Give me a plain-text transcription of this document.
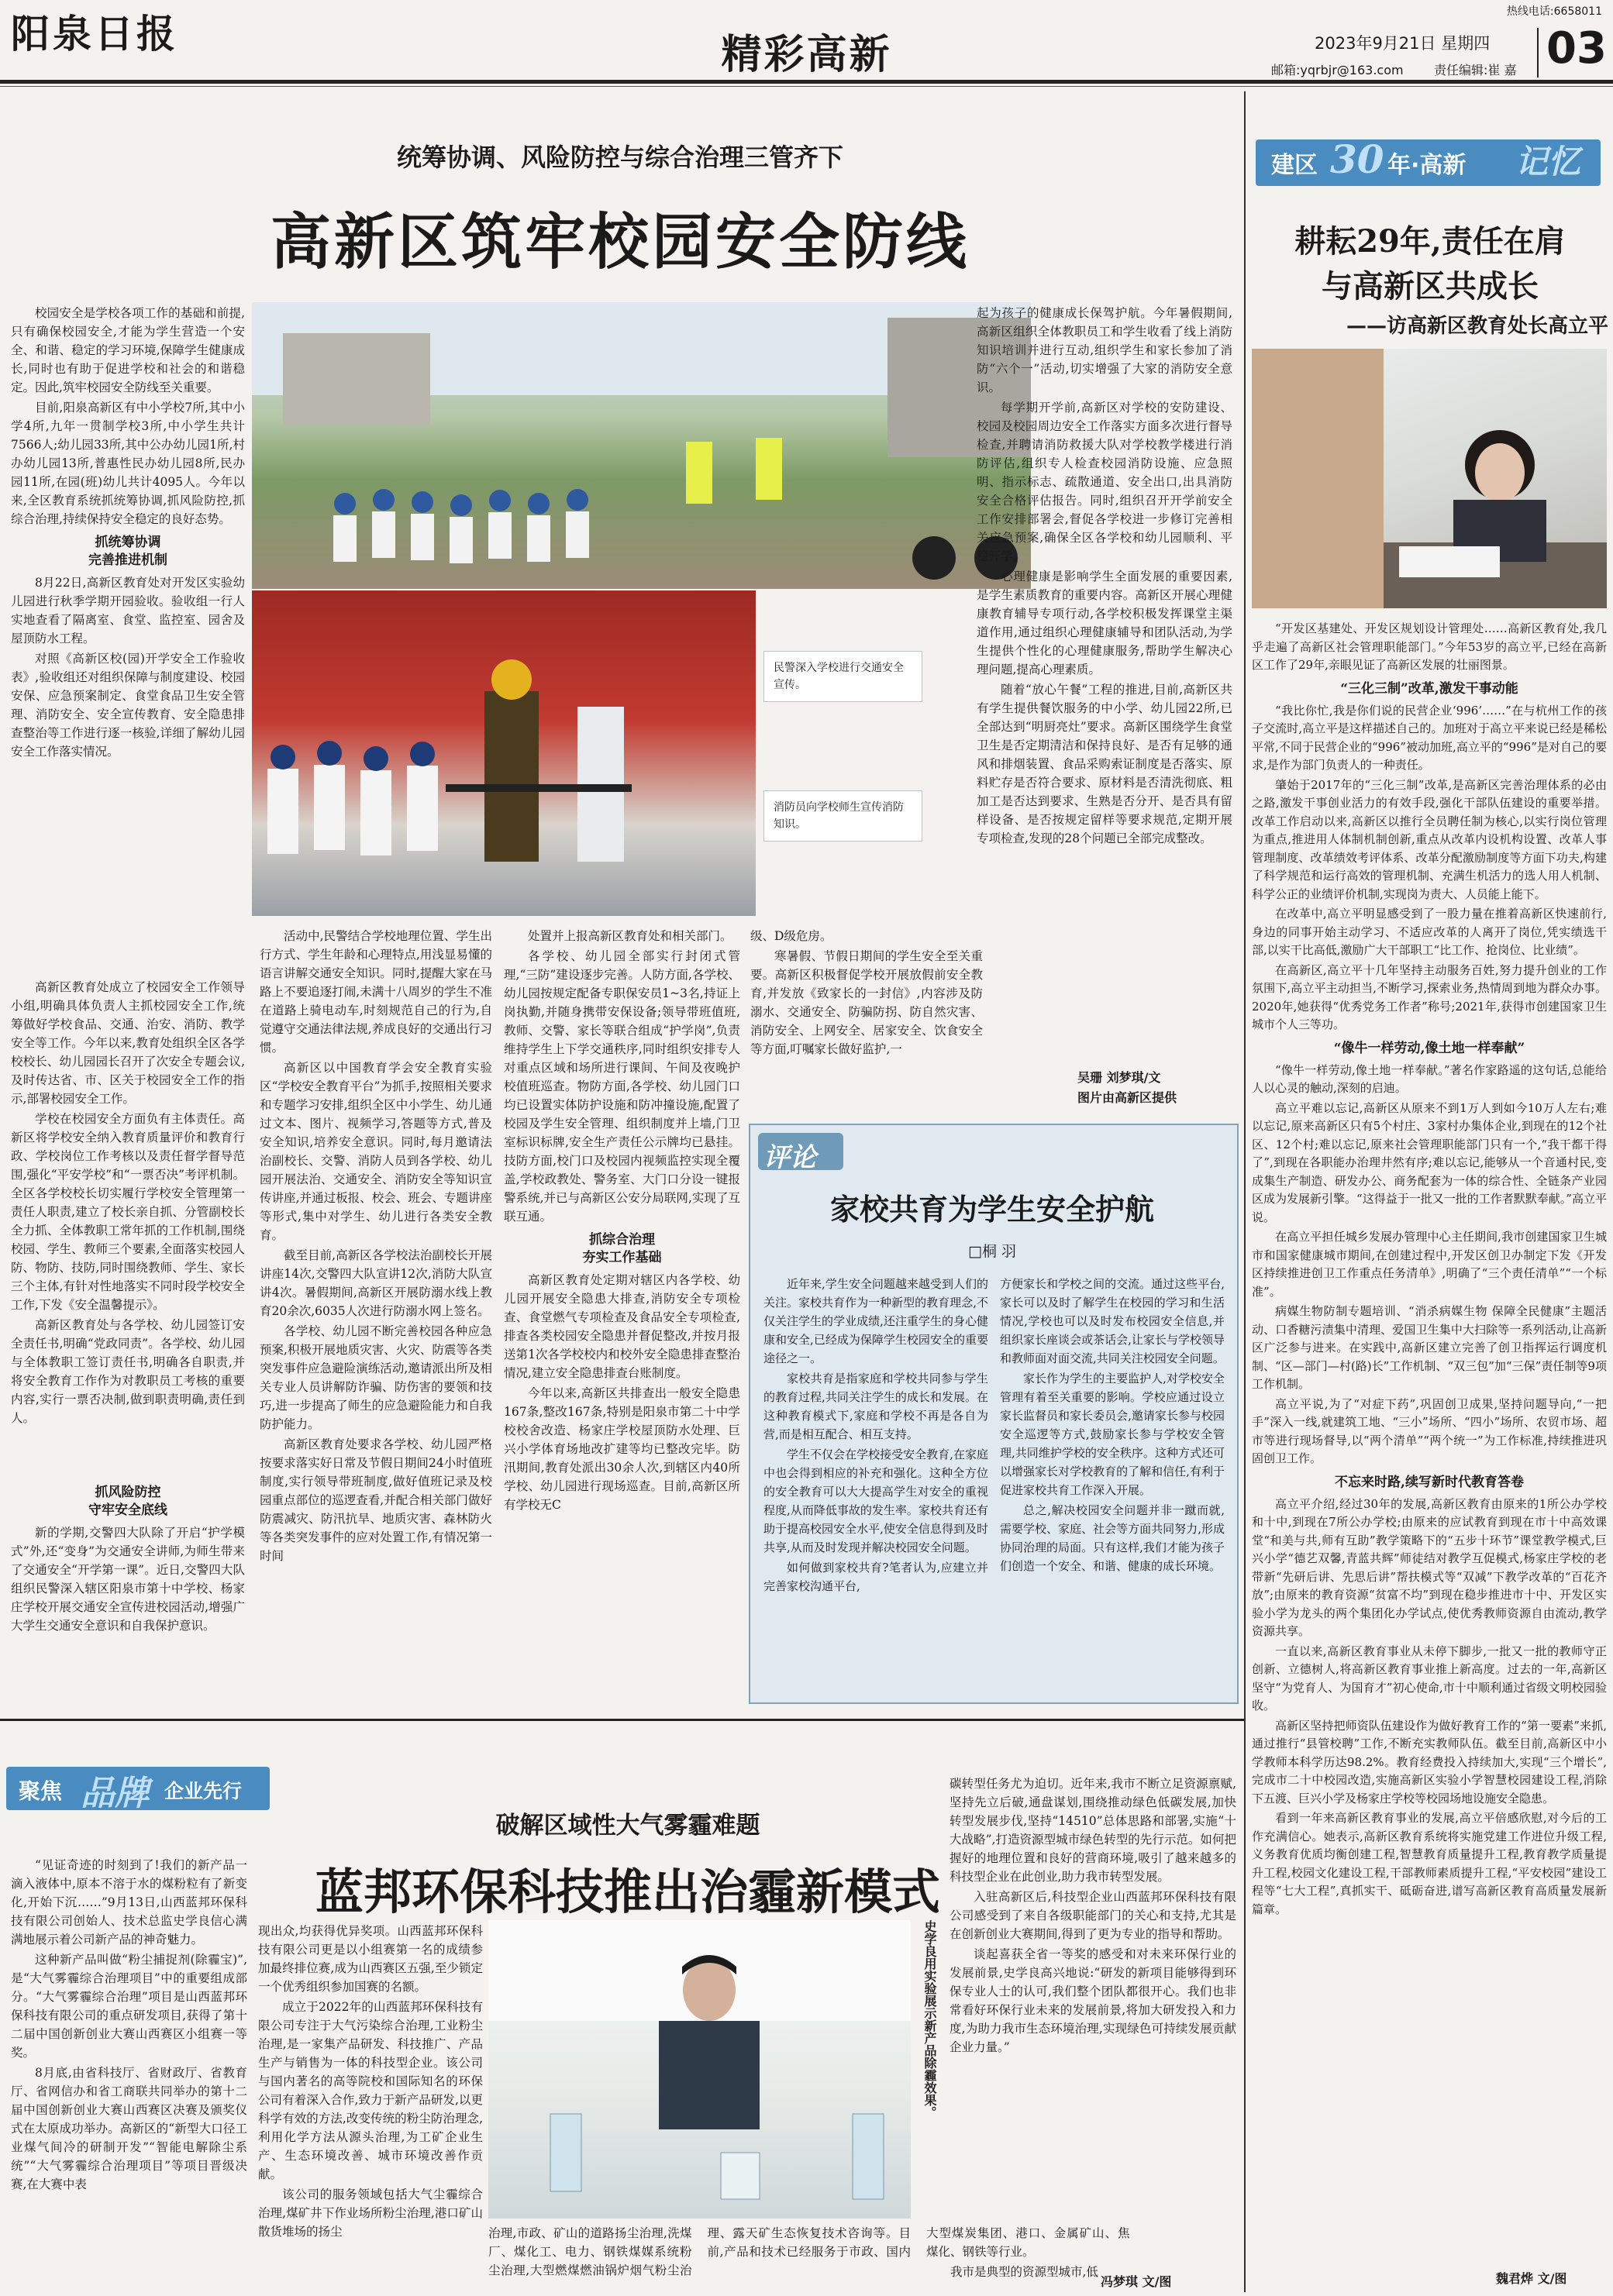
阳泉日报	热线电话:6658011
精彩高新	2023年9月21日 星期四 03
邮箱:yqrbjr@163.com 责任编辑:崔 嘉
统筹协调、风险防控与综合治理三管齐下
高新区筑牢校园安全防线

校园安全是学校各项工作的基础和前提,只有确保校园安全,才能为学生营造一个安全、和谐、稳定的学习环境,保障学生健康成长,同时也有助于促进学校和社会的和谐稳定。因此,筑牢校园安全防线至关重要。

目前,阳泉高新区有中小学校7所,其中小学4所,九年一贯制学校3所,中小学生共计7566人;幼儿园33所,其中公办幼儿园1所,村办幼儿园13所,普惠性民办幼儿园8所,民办园11所,在园(班)幼儿共计4095人。今年以来,全区教育系统抓统筹协调,抓风险防控,抓综合治理,持续保持安全稳定的良好态势。

抓统筹协调
完善推进机制

8月22日,高新区教育处对开发区实验幼儿园进行秋季学期开园验收。验收组一行人实地查看了隔离室、食堂、监控室、园舍及屋顶防水工程。

对照《高新区校(园)开学安全工作验收表》,验收组还对组织保障与制度建设、校园安保、应急预案制定、食堂食品卫生安全管理、消防安全、安全宣传教育、安全隐患排查整治等工作进行逐一核验,详细了解幼儿园安全工作落实情况。

民警深入学校进行交通安全宣传。
消防员向学校师生宣传消防知识。

高新区教育处成立了校园安全工作领导小组,明确具体负责人主抓校园安全工作,统筹做好学校食品、交通、治安、消防、教学安全等工作。今年以来,教育处组织全区各学校校长、幼儿园园长召开了次安全专题会议,及时传达省、市、区关于校园安全工作的指示,部署校园安全工作。

学校在校园安全方面负有主体责任。高新区将学校安全纳入教育质量评价和教育行政、学校岗位工作考核以及责任督学督导范围,强化“平安学校”和“一票否决”考评机制。全区各学校校长切实履行学校安全管理第一责任人职责,建立了校长亲自抓、分管副校长全力抓、全体教职工常年抓的工作机制,围绕校园、学生、教师三个要素,全面落实校园人防、物防、技防,同时围绕教师、学生、家长三个主体,有针对性地落实不同时段学校安全工作,下发《安全温馨提示》。

高新区教育处与各学校、幼儿园签订安全责任书,明确“党政同责”。各学校、幼儿园与全体教职工签订责任书,明确各自职责,并将安全教育工作作为对教职员工考核的重要内容,实行一票否决制,做到职责明确,责任到人。

抓风险防控
守牢安全底线

新的学期,交警四大队除了开启“护学模式”外,还“变身”为交通安全讲师,为师生带来了交通安全“开学第一课”。近日,交警四大队组织民警深入辖区阳泉市第十中学校、杨家庄学校开展交通安全宣传进校园活动,增强广大学生交通安全意识和自我保护意识。

活动中,民警结合学校地理位置、学生出行方式、学生年龄和心理特点,用浅显易懂的语言讲解交通安全知识。同时,提醒大家在马路上不要追逐打闹,未满十八周岁的学生不准在道路上骑电动车,时刻规范自己的行为,自觉遵守交通法律法规,养成良好的交通出行习惯。

高新区以中国教育学会安全教育实验区“学校安全教育平台”为抓手,按照相关要求和专题学习安排,组织全区中小学生、幼儿通过文本、图片、视频学习,答题等方式,普及安全知识,培养安全意识。同时,每月邀请法治副校长、交警、消防人员到各学校、幼儿园开展法治、交通安全、消防安全等知识宣传讲座,并通过板报、校会、班会、专题讲座等形式,集中对学生、幼儿进行各类安全教育。

截至目前,高新区各学校法治副校长开展讲座14次,交警四大队宣讲12次,消防大队宣讲4次。暑假期间,高新区开展防溺水线上教育20余次,6035人次进行防溺水网上签名。

各学校、幼儿园不断完善校园各种应急预案,积极开展地质灾害、火灾、防震等各类突发事件应急避险演练活动,邀请派出所及相关专业人员讲解防诈骗、防伤害的要领和技巧,进一步提高了师生的应急避险能力和自我防护能力。

高新区教育处要求各学校、幼儿园严格按要求落实好日常及节假日期间24小时值班制度,实行领导带班制度,做好值班记录及校园重点部位的巡逻查看,并配合相关部门做好防震减灾、防汛抗旱、地质灾害、森林防火等各类突发事件的应对处置工作,有情况第一时间

处置并上报高新区教育处和相关部门。

各学校、幼儿园全部实行封闭式管理,“三防”建设逐步完善。人防方面,各学校、幼儿园按规定配备专职保安员1~3名,持证上岗执勤,并随身携带安保设备;领导带班值班,教师、交警、家长等联合组成“护学岗”,负责维持学生上下学交通秩序,同时组织安排专人对重点区域和场所进行课间、午间及夜晚护校值班巡查。物防方面,各学校、幼儿园门口均已设置实体防护设施和防冲撞设施,配置了校园及学生安全管理、组织制度并上墙,门卫室标识标牌,安全生产责任公示牌均已悬挂。技防方面,校门口及校园内视频监控实现全覆盖,学校政教处、警务室、大门口分设一键报警系统,并已与高新区公安分局联网,实现了互联互通。

抓综合治理
夯实工作基础

高新区教育处定期对辖区内各学校、幼儿园开展安全隐患大排查,消防安全专项检查、食堂燃气专项检查及食品安全专项检查,排查各类校园安全隐患并督促整改,并按月报送第1次各学校校内和校外安全隐患排查整治情况,建立安全隐患排查台账制度。

今年以来,高新区共排查出一般安全隐患167条,整改167条,特别是阳泉市第二十中学校校舍改造、杨家庄学校屋顶防水处理、巨兴小学体育场地改扩建等均已整改完毕。防汛期间,教育处派出30余人次,到辖区内40所学校、幼儿园进行现场巡查。目前,高新区所有学校无C

级、D级危房。

寒暑假、节假日期间的学生安全至关重要。高新区积极督促学校开展放假前安全教育,并发放《致家长的一封信》,内容涉及防溺水、交通安全、防骗防拐、防自然灾害、消防安全、上网安全、居家安全、饮食安全等方面,叮嘱家长做好监护,一

起为孩子的健康成长保驾护航。今年暑假期间,高新区组织全体教职员工和学生收看了线上消防知识培训并进行互动,组织学生和家长参加了消防“六个一”活动,切实增强了大家的消防安全意识。

每学期开学前,高新区对学校的安防建设、校园及校园周边安全工作落实方面多次进行督导检查,并聘请消防救援大队对学校教学楼进行消防评估,组织专人检查校园消防设施、应急照明、指示标志、疏散通道、安全出口,出具消防安全合格评估报告。同时,组织召开开学前安全工作安排部署会,督促各学校进一步修订完善相关应急预案,确保全区各学校和幼儿园顺利、平稳开学。

心理健康是影响学生全面发展的重要因素,是学生素质教育的重要内容。高新区开展心理健康教育辅导专项行动,各学校积极发挥课堂主渠道作用,通过组织心理健康辅导和团队活动,为学生提供个性化的心理健康服务,帮助学生解决心理问题,提高心理素质。

随着“放心午餐”工程的推进,目前,高新区共有学生提供餐饮服务的中小学、幼儿园22所,已全部达到“明厨亮灶”要求。高新区围绕学生食堂卫生是否定期清洁和保持良好、是否有足够的通风和排烟装置、食品采购索证制度是否落实、原料贮存是否符合要求、原材料是否清洗彻底、粗加工是否达到要求、生熟是否分开、是否具有留样设备、是否按规定留样等要求规范,定期开展专项检查,发现的28个问题已全部完成整改。

吴珊 刘梦琪/文
图片由高新区提供
评论
家校共育为学生安全护航
□桐 羽

近年来,学生安全问题越来越受到人们的关注。家校共育作为一种新型的教育理念,不仅关注学生的学业成绩,还注重学生的身心健康和安全,已经成为保障学生校园安全的重要途径之一。

家校共育是指家庭和学校共同参与学生的教育过程,共同关注学生的成长和发展。在这种教育模式下,家庭和学校不再是各自为营,而是相互配合、相互支持。

学生不仅会在学校接受安全教育,在家庭中也会得到相应的补充和强化。这种全方位的安全教育可以大大提高学生对安全的重视程度,从而降低事故的发生率。家校共育还有助于提高校园安全水平,使安全信息得到及时共享,从而及时发现并解决校园安全问题。

如何做到家校共育?笔者认为,应建立并完善家校沟通平台,

方便家长和学校之间的交流。通过这些平台,家长可以及时了解学生在校园的学习和生活情况,学校也可以及时发布校园安全信息,并组织家长座谈会或茶话会,让家长与学校领导和教师面对面交流,共同关注校园安全问题。

家长作为学生的主要监护人,对学校安全管理有着至关重要的影响。学校应通过设立家长监督员和家长委员会,邀请家长参与校园安全巡逻等方式,鼓励家长参与学校安全管理,共同维护学校的安全秩序。这种方式还可以增强家长对学校教育的了解和信任,有利于促进家校共育工作深入开展。

总之,解决校园安全问题并非一蹴而就,需要学校、家庭、社会等方面共同努力,形成协同治理的局面。只有这样,我们才能为孩子们创造一个安全、和谐、健康的成长环境。

建区 30 年·高新 记忆
耕耘29年,责任在肩
与高新区共成长
——访高新区教育处长高立平

“开发区基建处、开发区规划设计管理处……高新区教育处,我几乎走遍了高新区社会管理职能部门。”今年53岁的高立平,已经在高新区工作了29年,亲眼见证了高新区发展的壮丽图景。

“三化三制”改革,激发干事动能

“我比你忙,我是你们说的民营企业‘996’……”在与杭州工作的孩子交流时,高立平是这样描述自己的。加班对于高立平来说已经是稀松平常,不同于民营企业的“996”被动加班,高立平的“996”是对自己的要求,是作为部门负责人的一种责任。

肇始于2017年的“三化三制”改革,是高新区完善治理体系的必由之路,激发干事创业活力的有效手段,强化干部队伍建设的重要举措。改革工作启动以来,高新区以推行全员聘任制为核心,以实行岗位管理为重点,推进用人体制机制创新,重点从改革内设机构设置、改革人事管理制度、改革绩效考评体系、改革分配激励制度等方面下功夫,构建了科学规范和运行高效的管理机制、充满生机活力的选人用人机制、科学公正的业绩评价机制,实现岗为责大、人员能上能下。

在改革中,高立平明显感受到了一股力量在推着高新区快速前行,身边的同事开始主动学习、不适应改革的人离开了岗位,凭实绩选干部,以实干比高低,激励广大干部职工“比工作、抢岗位、比业绩”。

在高新区,高立平十几年坚持主动服务百姓,努力提升创业的工作氛围下,高立平主动担当,不断学习,探索业务,热情周到地为群众办事。2020年,她获得“优秀党务工作者”称号;2021年,获得市创建国家卫生城市个人三等功。

“像牛一样劳动,像土地一样奉献”

“像牛一样劳动,像土地一样奉献。”著名作家路遥的这句话,总能给人以心灵的触动,深刻的启迪。

高立平难以忘记,高新区从原来不到1万人到如今10万人左右;难以忘记,原来高新区只有5个村庄、3家村办集体企业,到现在的12个社区、12个村;难以忘记,原来社会管理职能部门只有一个,“我干都干得了”,到现在各职能办治理井然有序;难以忘记,能够从一个音通村民,变成集生产制造、研发办公、商务配套为一体的综合性、全链条产业园区成为发展新引擎。“这得益于一批又一批的工作者默默奉献。”高立平说。

在高立平担任城乡发展办管理中心主任期间,我市创建国家卫生城市和国家健康城市期间,在创建过程中,开发区创卫办制定下发《开发区持续推进创卫工作重点任务清单》,明确了“三个责任清单”“一个标准”。

病媒生物防制专题培训、“消杀病媒生物 保障全民健康”主题活动、口香糖污渍集中清理、爱国卫生集中大扫除等一系列活动,让高新区广泛参与进来。在实践中,高新区建立完善了创卫指挥运行调度机制、“区—部门—村(路)长”工作机制、“双三包”加“三保”责任制等9项工作机制。

高立平说,为了“对症下药”,巩固创卫成果,坚持问题导向,“一把手”深入一线,就建筑工地、“三小”场所、“四小”场所、农贸市场、超市等进行现场督导,以“两个清单”“两个统一”为工作标准,持续推进巩固创卫工作。

不忘来时路,续写新时代教育答卷

高立平介绍,经过30年的发展,高新区教育由原来的1所公办学校和十中,到现在7所公办学校;由原来的应试教育到现在市十中高效课堂“和美与共,师有互助”教学策略下的“五步十环节”课堂教学模式,巨兴小学“德艺双馨,青蓝共辉”师徒结对教学互促模式,杨家庄学校的老带新“先研后讲、先思后讲”帮扶模式等“双减”下教学改革的“百花齐放”;由原来的教育资源“贫富不均”到现在稳步推进市十中、开发区实验小学为龙头的两个集团化办学试点,使优秀教师资源自由流动,教学资源共享。

一直以来,高新区教育事业从未停下脚步,一批又一批的教师守正创新、立德树人,将高新区教育事业推上新高度。过去的一年,高新区坚守“为党育人、为国育才”初心使命,市十中顺利通过省级文明校园验收。

高新区坚持把师资队伍建设作为做好教育工作的“第一要素”来抓,通过推行“县管校聘”工作,不断充实教师队伍。截至目前,高新区中小学教师本科学历达98.2%。教育经费投入持续加大,实现“三个增长”,完成市二十中校园改造,实施高新区实验小学智慧校园建设工程,消除下五渡、巨兴小学及杨家庄学校等校园场地设施安全隐患。

看到一年来高新区教育事业的发展,高立平倍感欣慰,对今后的工作充满信心。她表示,高新区教育系统将实施党建工作进位升级工程,义务教育优质均衡创建工程,智慧教育质量提升工程,教育教学质量提升工程,校园文化建设工程,干部教师素质提升工程,“平安校园”建设工程等“七大工程”,真抓实干、砥砺奋进,谱写高新区教育高质量发展新篇章。

魏君烨 文/图
聚焦 品牌 企业先行
破解区域性大气雾霾难题
蓝邦环保科技推出治霾新模式

“见证奇迹的时刻到了!我们的新产品一滴入液体中,原本不溶于水的煤粉粒有了新变化,开始下沉……”9月13日,山西蓝邦环保科技有限公司创始人、技术总监史学良信心满满地展示着公司新产品的神奇魅力。

这种新产品叫做“粉尘捕捉剂(除霾宝)”,是“大气雾霾综合治理项目”中的重要组成部分。“大气雾霾综合治理”项目是山西蓝邦环保科技有限公司的重点研发项目,获得了第十二届中国创新创业大赛山西赛区小组赛一等奖。

8月底,由省科技厅、省财政厅、省教育厅、省网信办和省工商联共同举办的第十二届中国创新创业大赛山西赛区决赛及颁奖仪式在太原成功举办。高新区的“新型大口径工业煤气间冷的研制开发”“智能电解除尘系统”“大气雾霾综合治理项目”等项目晋级决赛,在大赛中表

现出众,均获得优异奖项。山西蓝邦环保科技有限公司更是以小组赛第一名的成绩参加最终排位赛,成为山西赛区五强,至少锁定一个优秀组织参加国赛的名额。

成立于2022年的山西蓝邦环保科技有限公司专注于大气污染综合治理,工业粉尘治理,是一家集产品研发、科技推广、产品生产与销售为一体的科技型企业。该公司与国内著名的高等院校和国际知名的环保公司有着深入合作,致力于新产品研发,以更科学有效的方法,改变传统的粉尘防治理念,利用化学方法从源头治理,为工矿企业生产、生态环境改善、城市环境改善作贡献。

该公司的服务领域包括大气尘霾综合治理,煤矿井下作业场所粉尘治理,港口矿山散货堆场的扬尘

史学良用实验展示新产品除霾效果。

治理,市政、矿山的道路扬尘治理,洗煤厂、煤化工、电力、钢铁煤媒系统粉尘治理,大型燃煤燃油锅炉烟气粉尘治理、露天矿生态恢复技术咨询等。目前,产品和技术已经服务于市政、国内大型煤炭集团、港口、金属矿山、焦煤化、钢铁等行业。

我市是典型的资源型城市,低

碳转型任务尤为迫切。近年来,我市不断立足资源禀赋,坚持先立后破,通盘谋划,围绕推动绿色低碳发展,加快转型发展步伐,坚持“14510”总体思路和部署,实施“十大战略”,打造资源型城市绿色转型的先行示范。如何把握好的地理位置和良好的营商环境,吸引了越来越多的科技型企业在此创业,助力我市转型发展。

入驻高新区后,科技型企业山西蓝邦环保科技有限公司感受到了来自各级职能部门的关心和支持,尤其是在创新创业大赛期间,得到了更为专业的指导和帮助。

谈起喜获全省一等奖的感受和对未来环保行业的发展前景,史学良高兴地说:“研发的新项目能够得到环保专业人士的认可,我们整个团队都很开心。我们也非常看好环保行业未来的发展前景,将加大研发投入和力度,为助力我市生态环境治理,实现绿色可持续发展贡献企业力量。”

冯梦琪 文/图
